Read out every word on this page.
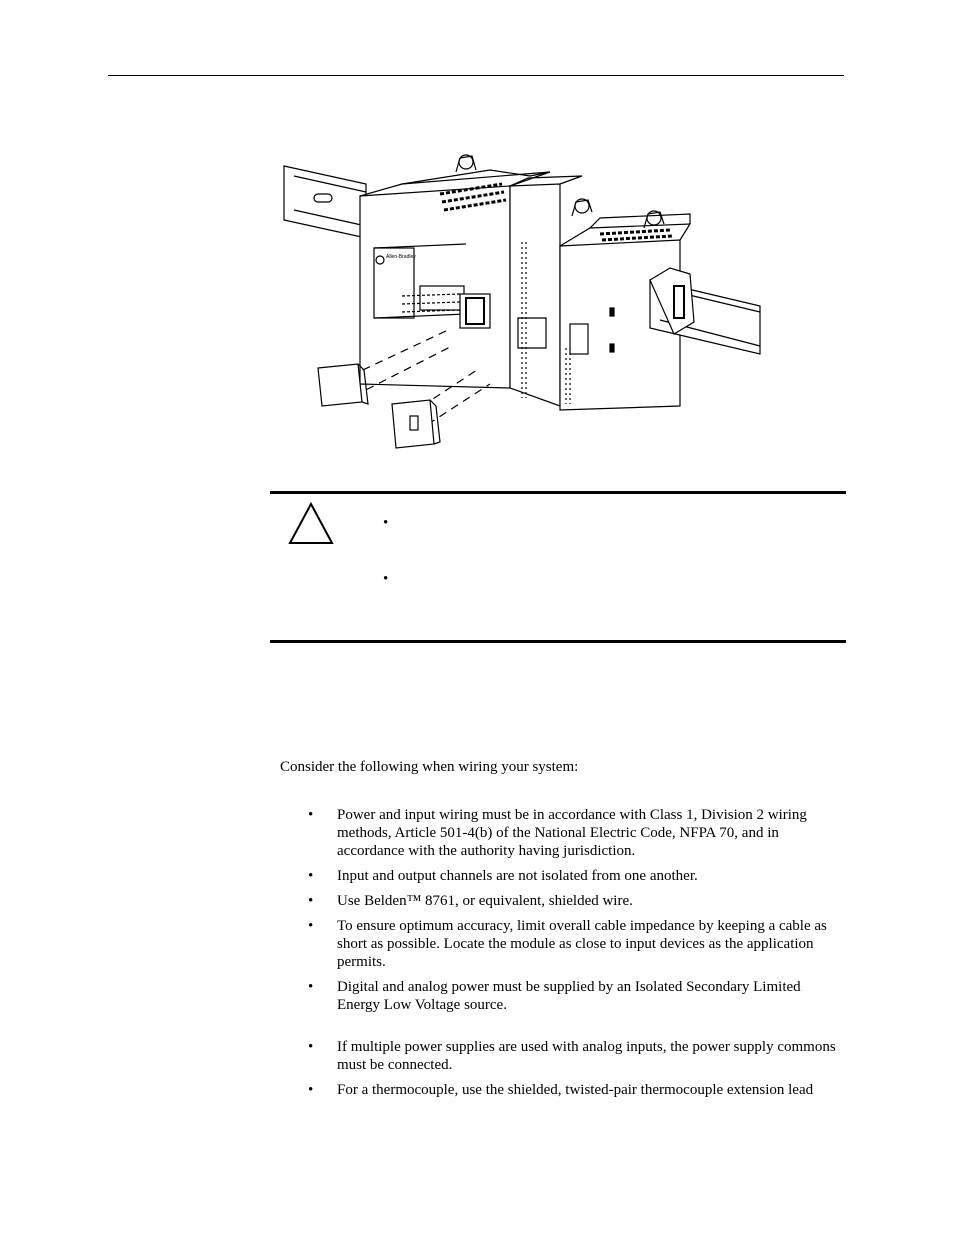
Allen-Bradley
•
•

Consider the following when wiring your system:

• Power and input wiring must be in accordance with Class 1, Division 2 wiring methods, Article 501-4(b) of the National Electric Code, NFPA 70, and in accordance with the authority having jurisdiction.
• Input and output channels are not isolated from one another.
• Use Belden™ 8761, or equivalent, shielded wire.
• To ensure optimum accuracy, limit overall cable impedance by keeping a cable as short as possible. Locate the module as close to input devices as the application permits.
• Digital and analog power must be supplied by an Isolated Secondary Limited Energy Low Voltage source.
• If multiple power supplies are used with analog inputs, the power supply commons must be connected.
• For a thermocouple, use the shielded, twisted-pair thermocouple extension lead
